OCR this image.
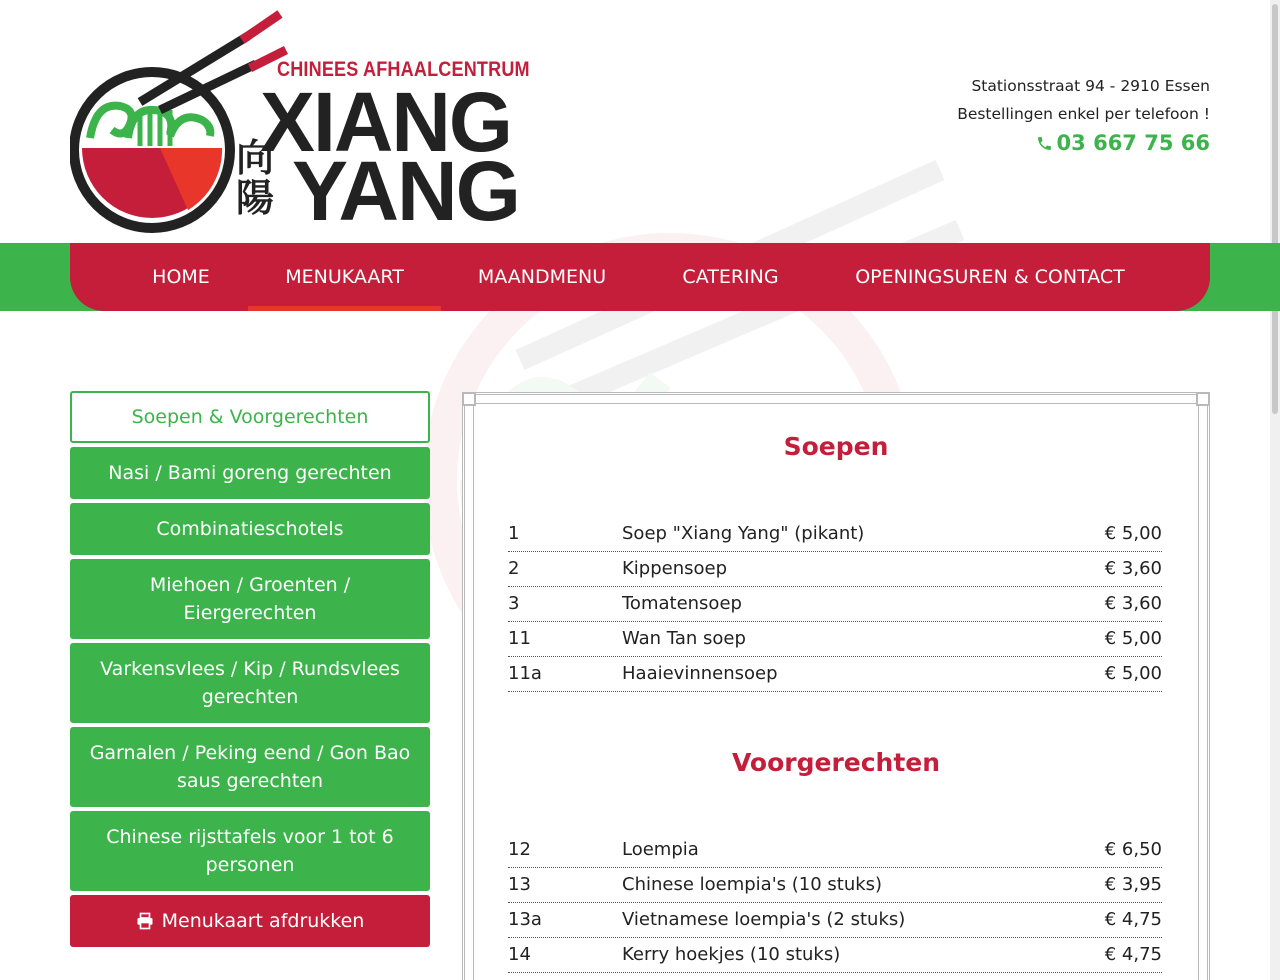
CHINEES AFHAALCENTRUM
XIANG
向陽 YANG
Stationsstraat 94 - 2910 Essen
Bestellingen enkel per telefoon !
03 667 75 66
HOME	MENUKAART	MAANDMENU	CATERING	OPENINGSUREN & CONTACT
Soepen & Voorgerechten
Nasi / Bami goreng gerechten
Combinatieschotels
Miehoen / Groenten / Eiergerechten
Varkensvlees / Kip / Rundsvlees gerechten
Garnalen / Peking eend / Gon Bao saus gerechten
Chinese rijsttafels voor 1 tot 6 personen
Menukaart afdrukken
Soepen
1	Soep "Xiang Yang" (pikant)	€ 5,00
2	Kippensoep	€ 3,60
3	Tomatensoep	€ 3,60
11	Wan Tan soep	€ 5,00
11a	Haaievinnensoep	€ 5,00
Voorgerechten
12	Loempia	€ 6,50
13	Chinese loempia's (10 stuks)	€ 3,95
13a	Vietnamese loempia's (2 stuks)	€ 4,75
14	Kerry hoekjes (10 stuks)	€ 4,75
